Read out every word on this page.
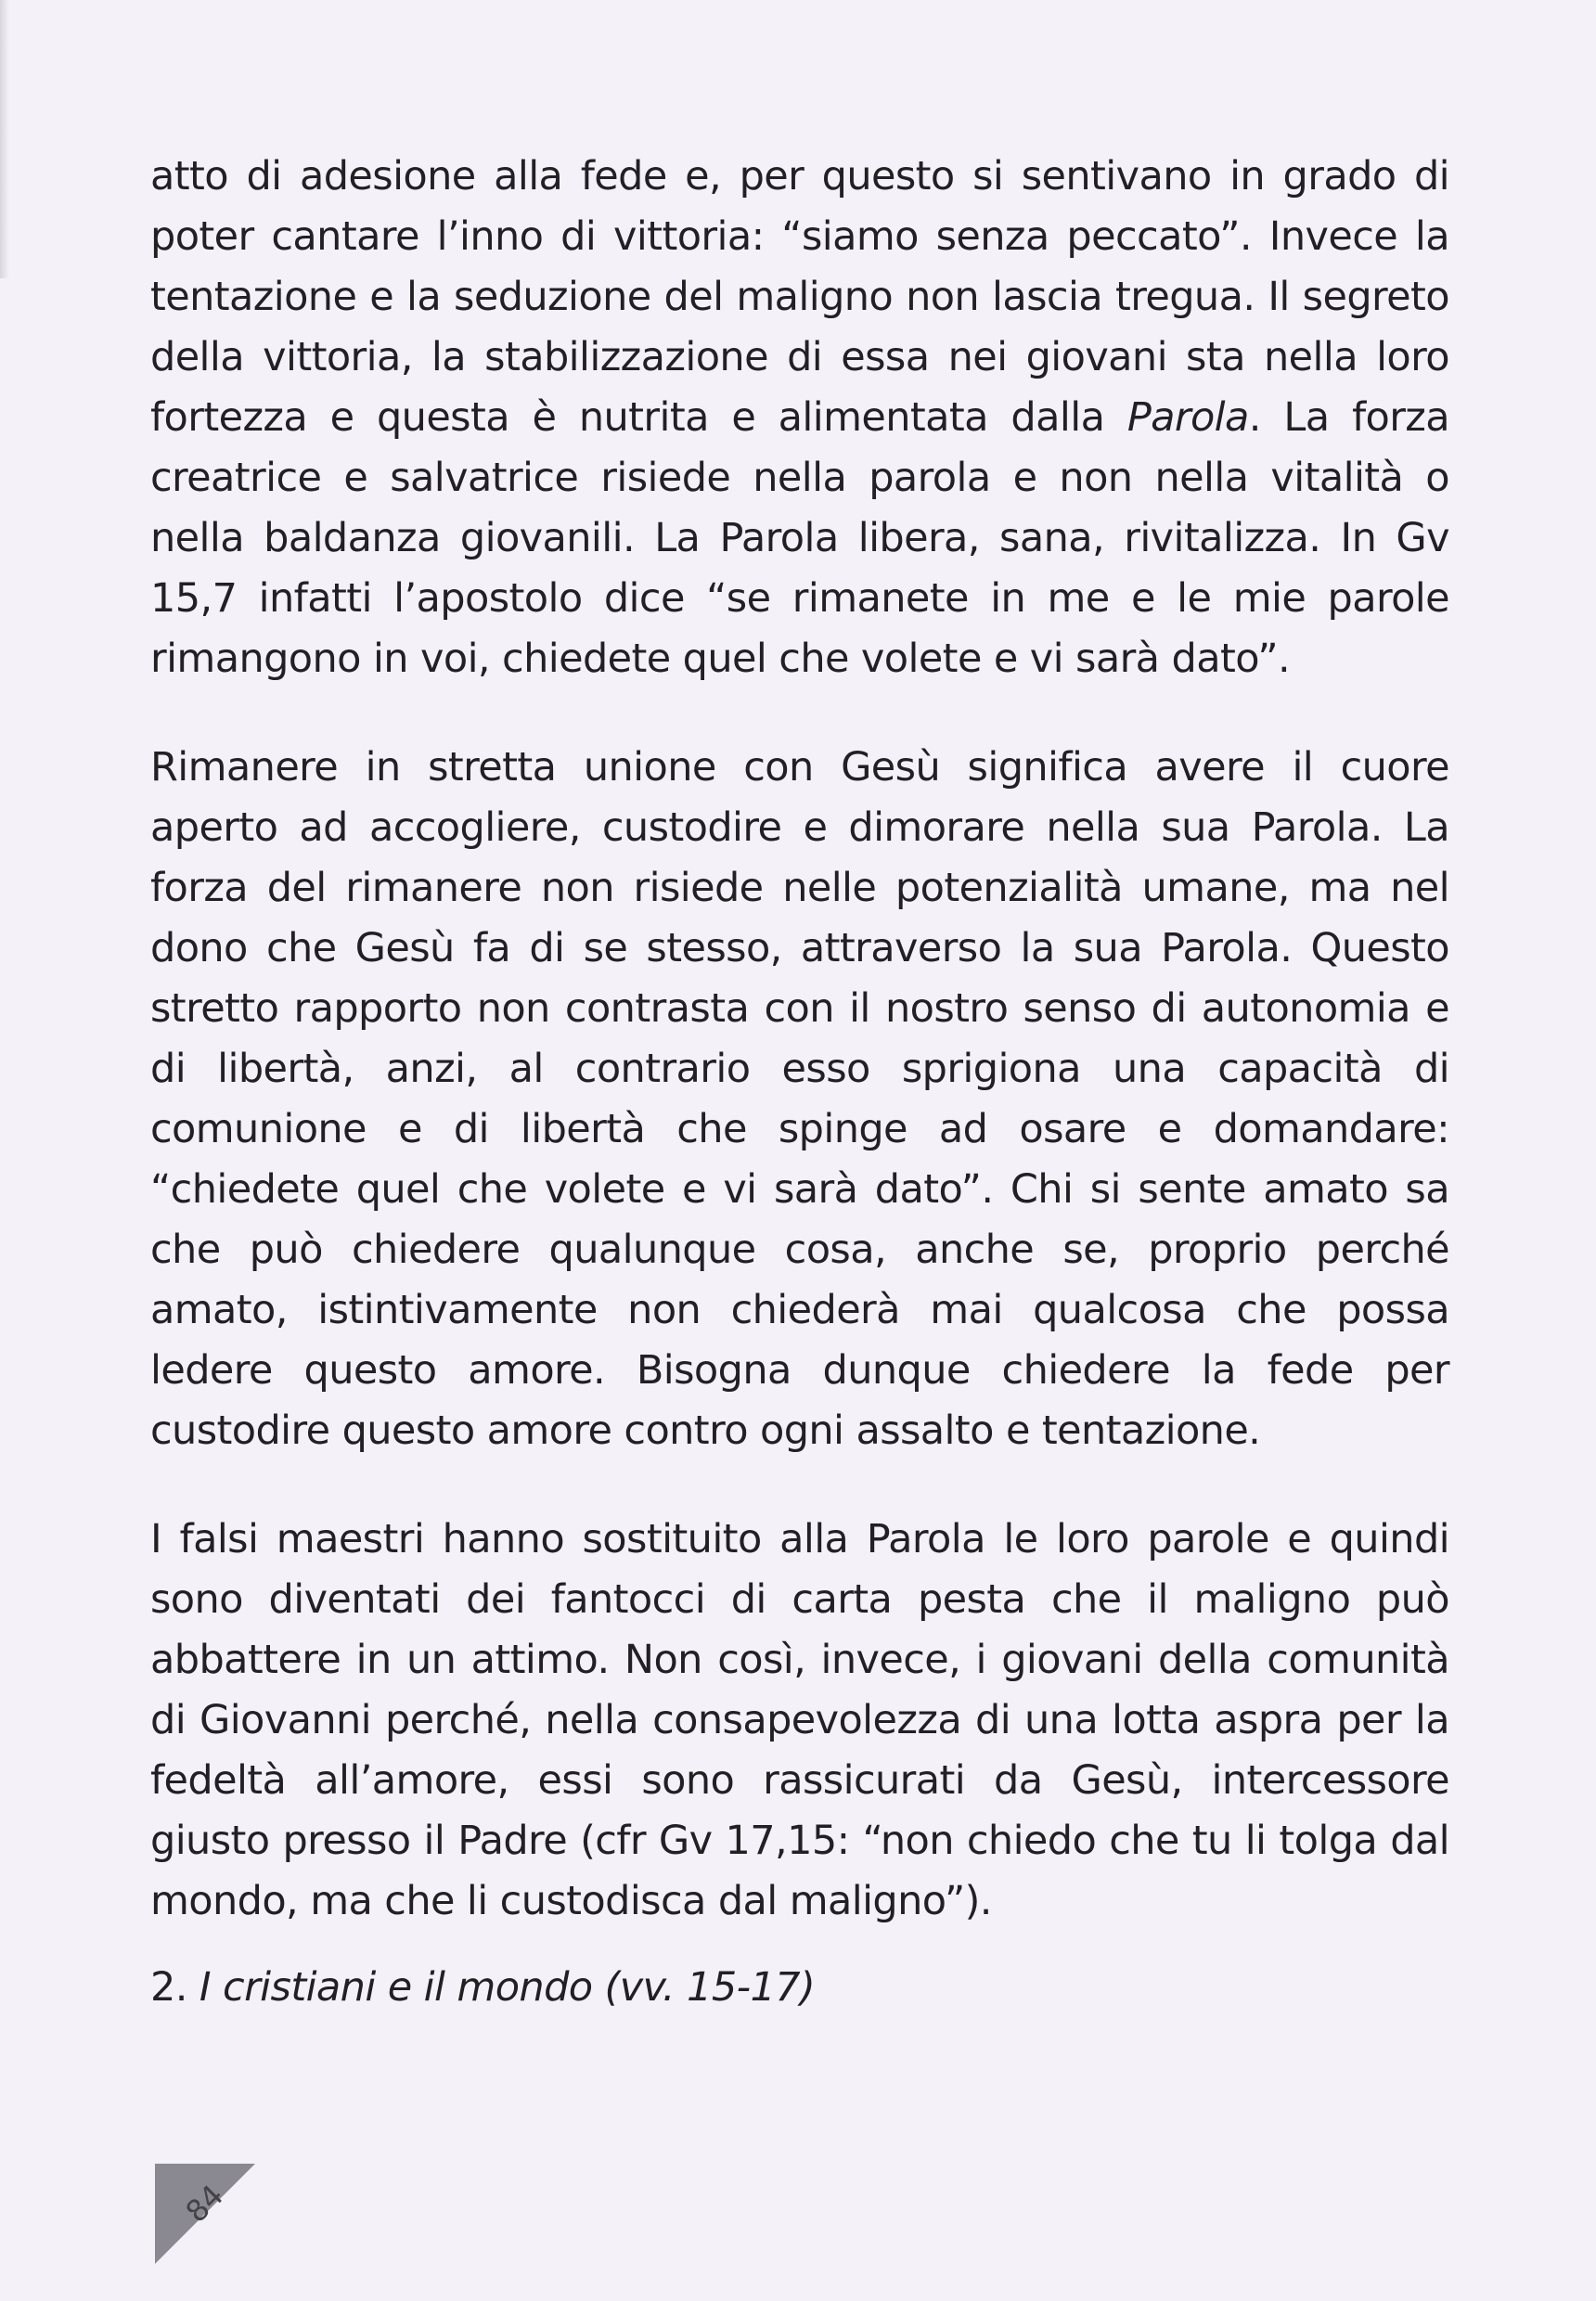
atto di adesione alla fede e, per questo si sentivano in grado di poter cantare l’inno di vittoria: “siamo senza peccato”. Invece la tentazione e la seduzione del maligno non lascia tregua. Il segreto della vittoria, la stabilizzazione di essa nei giovani sta nella loro fortezza e questa è nutrita e alimentata dalla Parola. La forza creatrice e salvatrice risiede nella parola e non nella vitalità o nella baldanza giovanili. La Parola libera, sana, rivitalizza. In Gv 15,7 infatti l’apostolo dice “se rimanete in me e le mie parole rimangono in voi, chiedete quel che volete e vi sarà dato”.

Rimanere in stretta unione con Gesù significa avere il cuore aperto ad accogliere, custodire e dimorare nella sua Parola. La forza del rimanere non risiede nelle potenzialità umane, ma nel dono che Gesù fa di se stesso, attraverso la sua Parola. Questo stretto rapporto non contrasta con il nostro senso di autonomia e di libertà, anzi, al contrario esso sprigiona una capacità di comunione e di libertà che spinge ad osare e domandare: “chiedete quel che volete e vi sarà dato”. Chi si sente amato sa che può chiedere qualunque cosa, anche se, proprio perché amato, istintivamente non chiederà mai qualcosa che possa ledere questo amore. Bisogna dunque chiedere la fede per custodire questo amore contro ogni assalto e tentazione.

I falsi maestri hanno sostituito alla Parola le loro parole e quindi sono diventati dei fantocci di carta pesta che il maligno può abbattere in un attimo. Non così, invece, i giovani della comunità di Giovanni perché, nella consapevolezza di una lotta aspra per la fedeltà all’amore, essi sono rassicurati da Gesù, intercessore giusto presso il Padre (cfr Gv 17,15: “non chiedo che tu li tolga dal mondo, ma che li custodisca dal maligno”).

2. I cristiani e il mondo (vv. 15-17)

84
